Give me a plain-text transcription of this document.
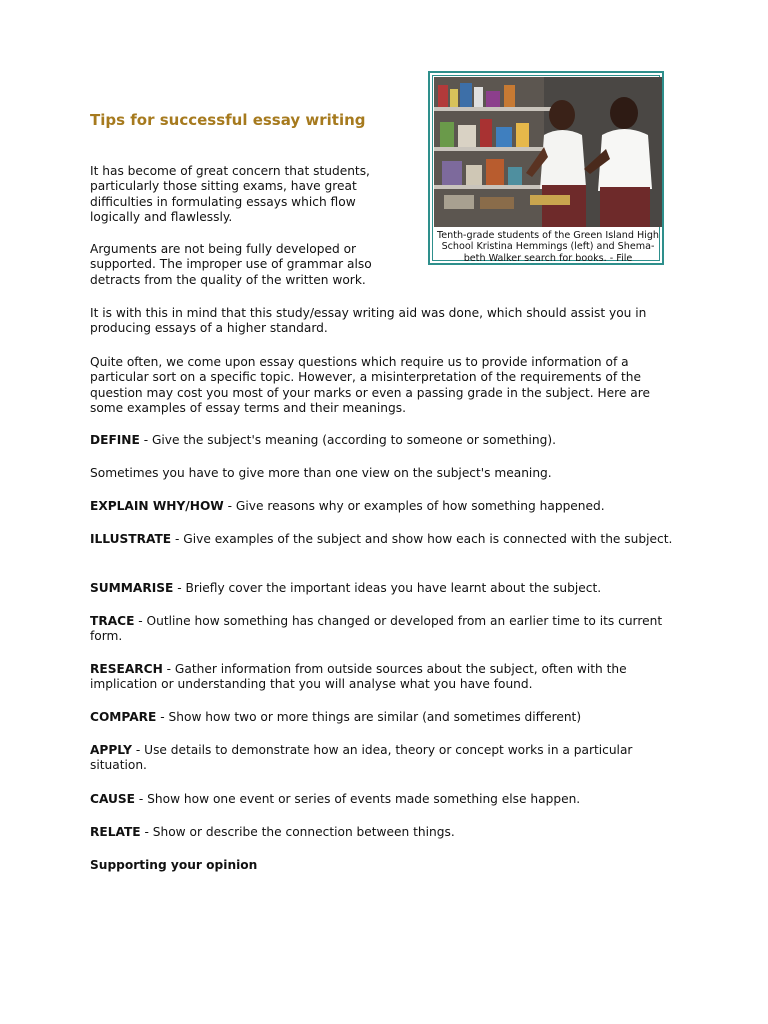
Tips for successful essay writing
Tenth-grade students of the Green Island High School Kristina Hemmings (left) and Shema-beth Walker search for books. - File

It has become of great concern that students, particularly those sitting exams, have great difficulties in formulating essays which flow logically and flawlessly.

Arguments are not being fully developed or supported. The improper use of grammar also detracts from the quality of the written work.

It is with this in mind that this study/essay writing aid was done, which should assist you in producing essays of a higher standard.

Quite often, we come upon essay questions which require us to provide information of a particular sort on a specific topic. However, a misinterpretation of the requirements of the question may cost you most of your marks or even a passing grade in the subject. Here are some examples of essay terms and their meanings.

DEFINE - Give the subject's meaning (according to someone or something).

Sometimes you have to give more than one view on the subject's meaning.

EXPLAIN WHY/HOW - Give reasons why or examples of how something happened.

ILLUSTRATE - Give examples of the subject and show how each is connected with the subject.

SUMMARISE - Briefly cover the important ideas you have learnt about the subject.

TRACE - Outline how something has changed or developed from an earlier time to its current form.

RESEARCH - Gather information from outside sources about the subject, often with the implication or understanding that you will analyse what you have found.

COMPARE - Show how two or more things are similar (and sometimes different)

APPLY - Use details to demonstrate how an idea, theory or concept works in a particular situation.

CAUSE - Show how one event or series of events made something else happen.

RELATE - Show or describe the connection between things.

Supporting your opinion
